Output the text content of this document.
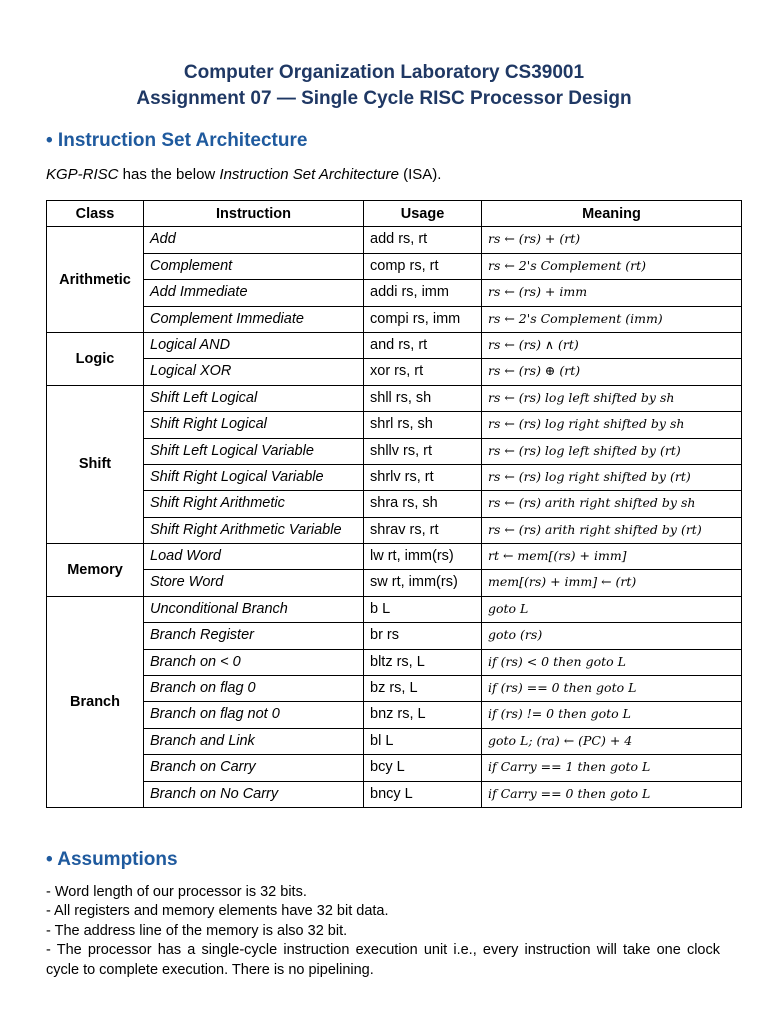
Computer Organization Laboratory CS39001
Assignment 07 — Single Cycle RISC Processor Design
• Instruction Set Architecture
KGP-RISC has the below Instruction Set Architecture (ISA).
Class	Instruction	Usage	Meaning
Arithmetic	Add	add rs, rt	rs ← (rs) + (rt)
	Complement	comp rs, rt	rs ← 2's Complement (rt)
	Add Immediate	addi rs, imm	rs ← (rs) + imm
	Complement Immediate	compi rs, imm	rs ← 2's Complement (imm)
Logic	Logical AND	and rs, rt	rs ← (rs) ∧ (rt)
	Logical XOR	xor rs, rt	rs ← (rs) ⊕ (rt)
Shift	Shift Left Logical	shll rs, sh	rs ← (rs) log left shifted by sh
	Shift Right Logical	shrl rs, sh	rs ← (rs) log right shifted by sh
	Shift Left Logical Variable	shllv rs, rt	rs ← (rs) log left shifted by (rt)
	Shift Right Logical Variable	shrlv rs, rt	rs ← (rs) log right shifted by (rt)
	Shift Right Arithmetic	shra rs, sh	rs ← (rs) arith right shifted by sh
	Shift Right Arithmetic Variable	shrav rs, rt	rs ← (rs) arith right shifted by (rt)
Memory	Load Word	lw rt, imm(rs)	rt ← mem[(rs) + imm]
	Store Word	sw rt, imm(rs)	mem[(rs) + imm] ← (rt)
Branch	Unconditional Branch	b L	goto L
	Branch Register	br rs	goto (rs)
	Branch on < 0	bltz rs, L	if (rs) < 0 then goto L
	Branch on flag 0	bz rs, L	if (rs) == 0 then goto L
	Branch on flag not 0	bnz rs, L	if (rs) != 0 then goto L
	Branch and Link	bl L	goto L; (ra) ← (PC) + 4
	Branch on Carry	bcy L	if Carry == 1 then goto L
	Branch on No Carry	bncy L	if Carry == 0 then goto L
• Assumptions
- Word length of our processor is 32 bits.
- All registers and memory elements have 32 bit data.
- The address line of the memory is also 32 bit.
- The processor has a single-cycle instruction execution unit i.e., every instruction will take one clock cycle to complete execution. There is no pipelining.
